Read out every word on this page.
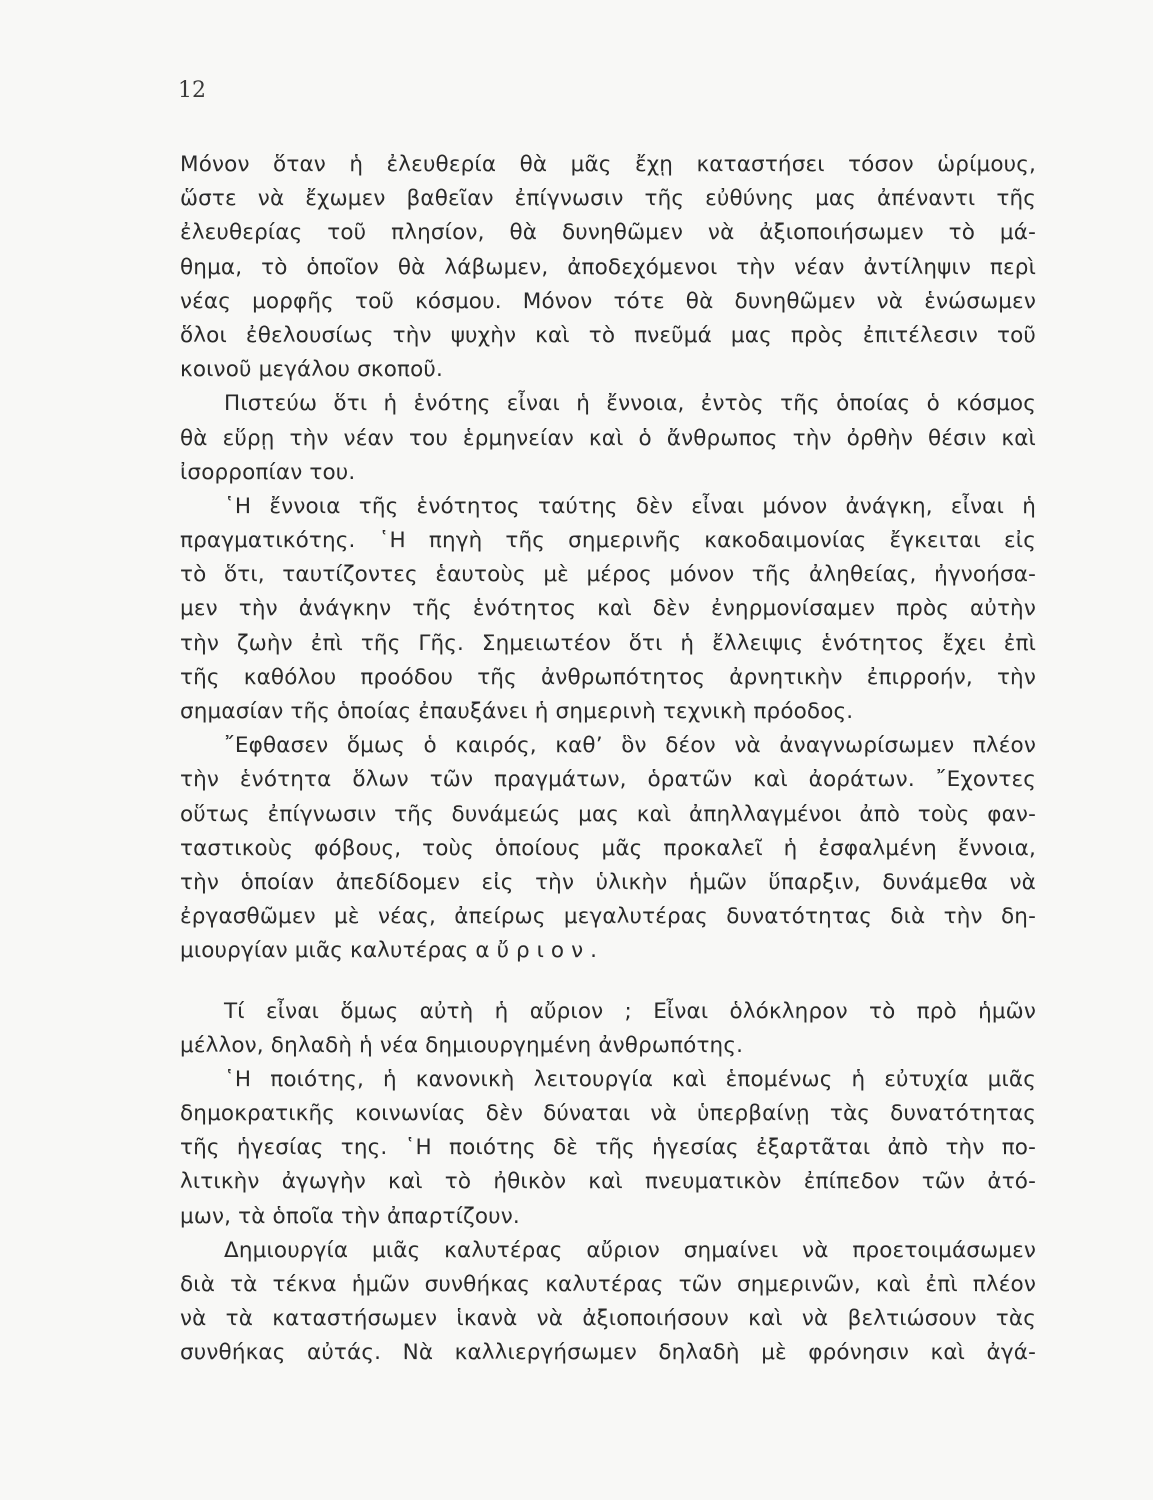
12
Μόνον ὅταν ἡ ἐλευθερία θὰ μᾶς ἔχῃ καταστήσει τόσον ὡρίμους,
ὥστε νὰ ἔχωμεν βαθεῖαν ἐπίγνωσιν τῆς εὐθύνης μας ἀπέναντι τῆς
ἐλευθερίας τοῦ πλησίον, θὰ δυνηθῶμεν νὰ ἀξιοποιήσωμεν τὸ μά-
θημα, τὸ ὁποῖον θὰ λάβωμεν, ἀποδεχόμενοι τὴν νέαν ἀντίληψιν περὶ
νέας μορφῆς τοῦ κόσμου. Μόνον τότε θὰ δυνηθῶμεν νὰ ἑνώσωμεν
ὅλοι ἐθελουσίως τὴν ψυχὴν καὶ τὸ πνεῦμά μας πρὸς ἐπιτέλεσιν τοῦ
κοινοῦ μεγάλου σκοποῦ.
Πιστεύω ὅτι ἡ ἑνότης εἶναι ἡ ἔννοια, ἐντὸς τῆς ὁποίας ὁ κόσμος
θὰ εὕρῃ τὴν νέαν του ἑρμηνείαν καὶ ὁ ἄνθρωπος τὴν ὀρθὴν θέσιν καὶ
ἰσορροπίαν του.
῾Η ἔννοια τῆς ἑνότητος ταύτης δὲν εἶναι μόνον ἀνάγκη, εἶναι ἡ
πραγματικότης. ῾Η πηγὴ τῆς σημερινῆς κακοδαιμονίας ἔγκειται εἰς
τὸ ὅτι, ταυτίζοντες ἑαυτοὺς μὲ μέρος μόνον τῆς ἀληθείας, ἠγνοήσα-
μεν τὴν ἀνάγκην τῆς ἑνότητος καὶ δὲν ἐνηρμονίσαμεν πρὸς αὐτὴν
τὴν ζωὴν ἐπὶ τῆς Γῆς. Σημειωτέον ὅτι ἡ ἔλλειψις ἑνότητος ἔχει ἐπὶ
τῆς καθόλου προόδου τῆς ἀνθρωπότητος ἀρνητικὴν ἐπιρροήν, τὴν
σημασίαν τῆς ὁποίας ἐπαυξάνει ἡ σημερινὴ τεχνικὴ πρόοδος.
῎Εφθασεν ὅμως ὁ καιρός, καθ’ ὃν δέον νὰ ἀναγνωρίσωμεν πλέον
τὴν ἑνότητα ὅλων τῶν πραγμάτων, ὁρατῶν καὶ ἀοράτων. ῎Εχοντες
οὕτως ἐπίγνωσιν τῆς δυνάμεώς μας καὶ ἀπηλλαγμένοι ἀπὸ τοὺς φαν-
ταστικοὺς φόβους, τοὺς ὁποίους μᾶς προκαλεῖ ἡ ἐσφαλμένη ἔννοια,
τὴν ὁποίαν ἀπεδίδομεν εἰς τὴν ὑλικὴν ἡμῶν ὕπαρξιν, δυνάμεθα νὰ
ἐργασθῶμεν μὲ νέας, ἀπείρως μεγαλυτέρας δυνατότητας διὰ τὴν δη-
μιουργίαν μιᾶς καλυτέρας αὔριον.
Τί εἶναι ὅμως αὐτὴ ἡ αὔριον ; Εἶναι ὁλόκληρον τὸ πρὸ ἡμῶν
μέλλον, δηλαδὴ ἡ νέα δημιουργημένη ἀνθρωπότης.
῾Η ποιότης, ἡ κανονικὴ λειτουργία καὶ ἑπομένως ἡ εὐτυχία μιᾶς
δημοκρατικῆς κοινωνίας δὲν δύναται νὰ ὑπερβαίνῃ τὰς δυνατότητας
τῆς ἡγεσίας της. ῾Η ποιότης δὲ τῆς ἡγεσίας ἐξαρτᾶται ἀπὸ τὴν πο-
λιτικὴν ἀγωγὴν καὶ τὸ ἠθικὸν καὶ πνευματικὸν ἐπίπεδον τῶν ἀτό-
μων, τὰ ὁποῖα τὴν ἀπαρτίζουν.
Δημιουργία μιᾶς καλυτέρας αὔριον σημαίνει νὰ προετοιμάσωμεν
διὰ τὰ τέκνα ἡμῶν συνθήκας καλυτέρας τῶν σημερινῶν, καὶ ἐπὶ πλέον
νὰ τὰ καταστήσωμεν ἱκανὰ νὰ ἀξιοποιήσουν καὶ νὰ βελτιώσουν τὰς
συνθήκας αὐτάς. Νὰ καλλιεργήσωμεν δηλαδὴ μὲ φρόνησιν καὶ ἀγά-
